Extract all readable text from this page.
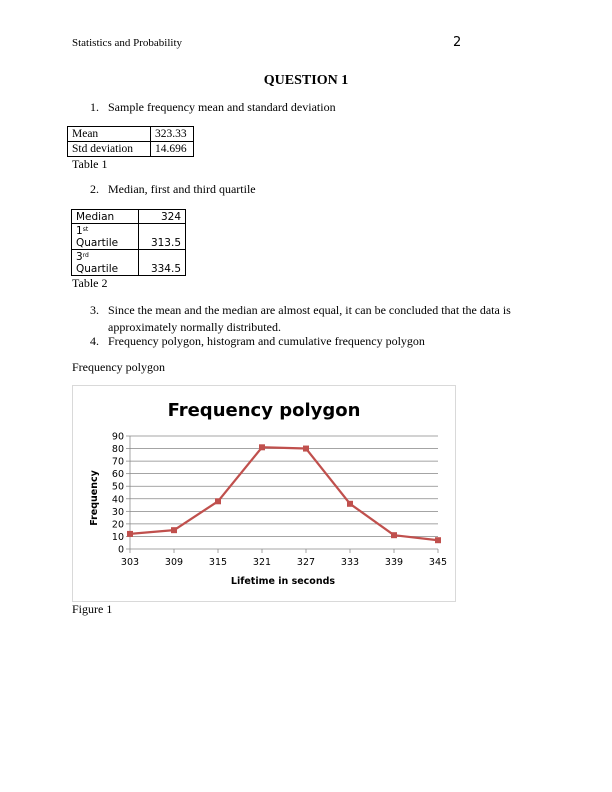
Statistics and Probability	2
QUESTION 1
1. Sample frequency mean and standard deviation
Mean	323.33
Std deviation	14.696
Table 1
2. Median, first and third quartile
Median	324
1st
Quartile	313.5
3rd
Quartile	334.5
Table 2
3. Since the mean and the median are almost equal, it can be concluded that the data is
approximately normally distributed.
4. Frequency polygon, histogram and cumulative frequency polygon
Frequency polygon
Frequency polygon
0
10
20
30
40
50
60
70
80
90
303	309	315	321	327	333	339	345
Lifetime in seconds
Frequency
Figure 1
